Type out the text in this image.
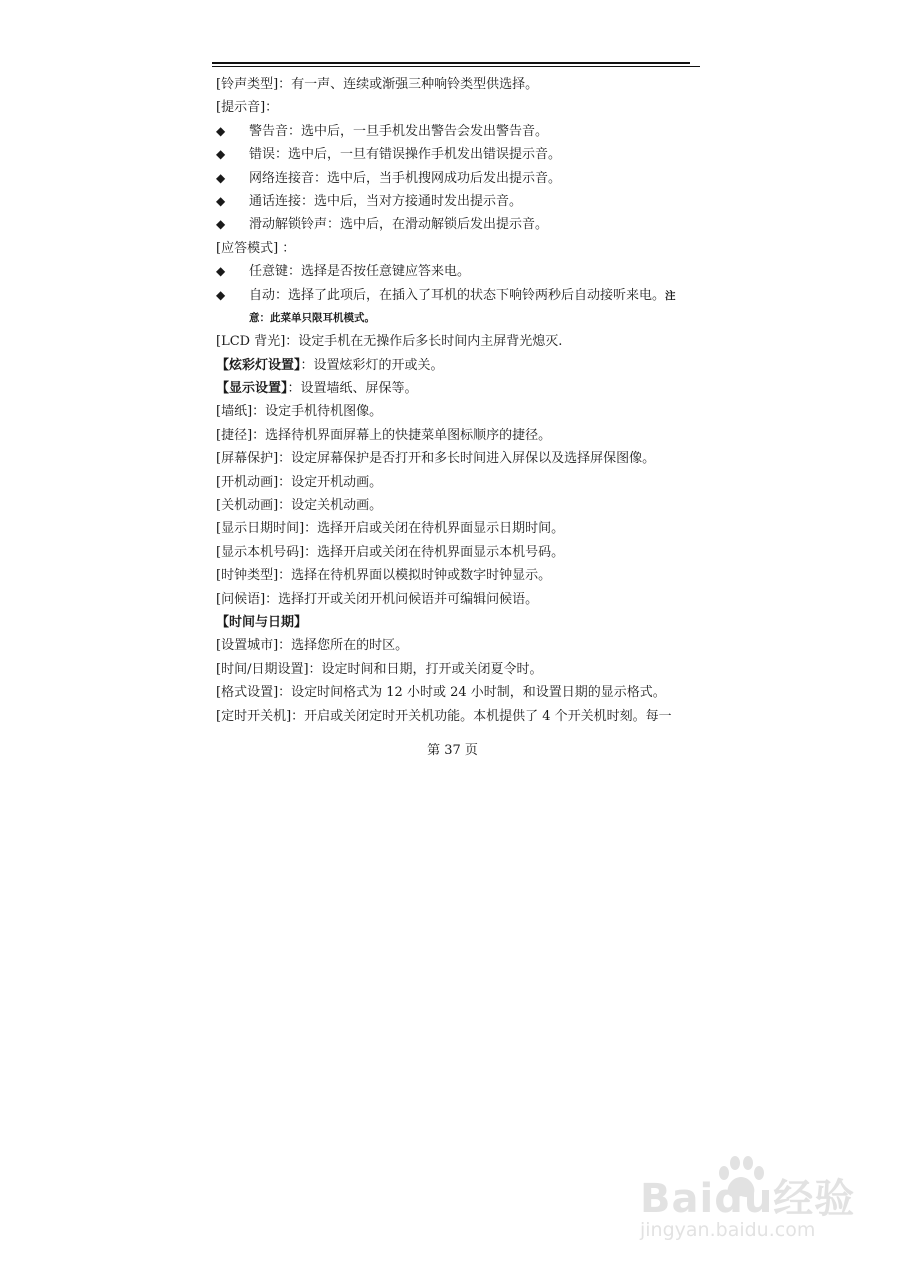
[铃声类型]：有一声、连续或渐强三种响铃类型供选择。
[提示音]：
◆	警告音：选中后，一旦手机发出警告会发出警告音。
◆	错误：选中后，一旦有错误操作手机发出错误提示音。
◆	网络连接音：选中后，当手机搜网成功后发出提示音。
◆	通话连接：选中后，当对方接通时发出提示音。
◆	滑动解锁铃声：选中后，在滑动解锁后发出提示音。
[应答模式] ：
◆	任意键：选择是否按任意键应答来电。
◆	自动：选择了此项后，在插入了耳机的状态下响铃两秒后自动接听来电。注
意：此菜单只限耳机模式。
[LCD 背光]：设定手机在无操作后多长时间内主屏背光熄灭.
【炫彩灯设置】：设置炫彩灯的开或关。
【显示设置】：设置墙纸、屏保等。
[墙纸]：设定手机待机图像。
[捷径]：选择待机界面屏幕上的快捷菜单图标顺序的捷径。
[屏幕保护]：设定屏幕保护是否打开和多长时间进入屏保以及选择屏保图像。
[开机动画]：设定开机动画。
[关机动画]：设定关机动画。
[显示日期时间]：选择开启或关闭在待机界面显示日期时间。
[显示本机号码]：选择开启或关闭在待机界面显示本机号码。
[时钟类型]：选择在待机界面以模拟时钟或数字时钟显示。
[问候语]：选择打开或关闭开机问候语并可编辑问候语。
【时间与日期】
[设置城市]：选择您所在的时区。
[时间/日期设置]：设定时间和日期，打开或关闭夏令时。
[格式设置]：设定时间格式为 12 小时或 24 小时制，和设置日期的显示格式。
[定时开关机]：开启或关闭定时开关机功能。本机提供了 4 个开关机时刻。每一
第 37 页
Baidu经验
jingyan.baidu.com
